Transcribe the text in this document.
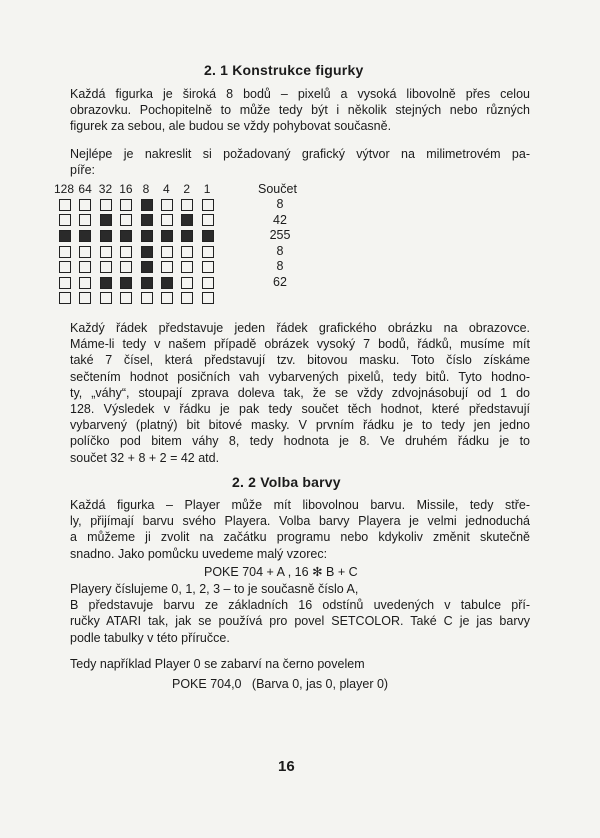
2. 1 Konstrukce figurky
Každá figurka je široká 8 bodů – pixelů a vysoká libovolně přes celou
obrazovku. Pochopitelně to může tedy být i několik stejných nebo různých
figurek za sebou, ale budou se vždy pohybovat současně.
Nejlépe je nakreslit si požadovaný grafický výtvor na milimetrovém pa-
píře:
128 64 32 16 8 4 2 1	Součet
8
42
255
8
8
62
Každý řádek představuje jeden řádek grafického obrázku na obrazovce.
Máme-li tedy v našem případě obrázek vysoký 7 bodů, řádků, musíme mít
také 7 čísel, která představují tzv. bitovou masku. Toto číslo získáme
sečtením hodnot posičních vah vybarvených pixelů, tedy bitů. Tyto hodno-
ty, „váhy“, stoupají zprava doleva tak, že se vždy zdvojnásobují od 1 do
128. Výsledek v řádku je pak tedy součet těch hodnot, které představují
vybarvený (platný) bit bitové masky. V prvním řádku je to tedy jen jedno
políčko pod bitem váhy 8, tedy hodnota je 8. Ve druhém řádku je to
součet 32 + 8 + 2 = 42 atd.
2. 2 Volba barvy
Každá figurka – Player může mít libovolnou barvu. Missile, tedy stře-
ly, přijímají barvu svého Playera. Volba barvy Playera je velmi jednoduchá
a můžeme ji zvolit na začátku programu nebo kdykoliv změnit skutečně
snadno. Jako pomůcku uvedeme malý vzorec:
POKE 704 + A , 16 ✻ B + C
Playery číslujeme 0, 1, 2, 3 – to je současně číslo A,
B představuje barvu ze základních 16 odstínů uvedených v tabulce pří-
ručky ATARI tak, jak se používá pro povel SETCOLOR. Také C je jas barvy
podle tabulky v této příručce.
Tedy například Player 0 se zabarví na černo povelem
POKE 704,0   (Barva 0, jas 0, player 0)
16
